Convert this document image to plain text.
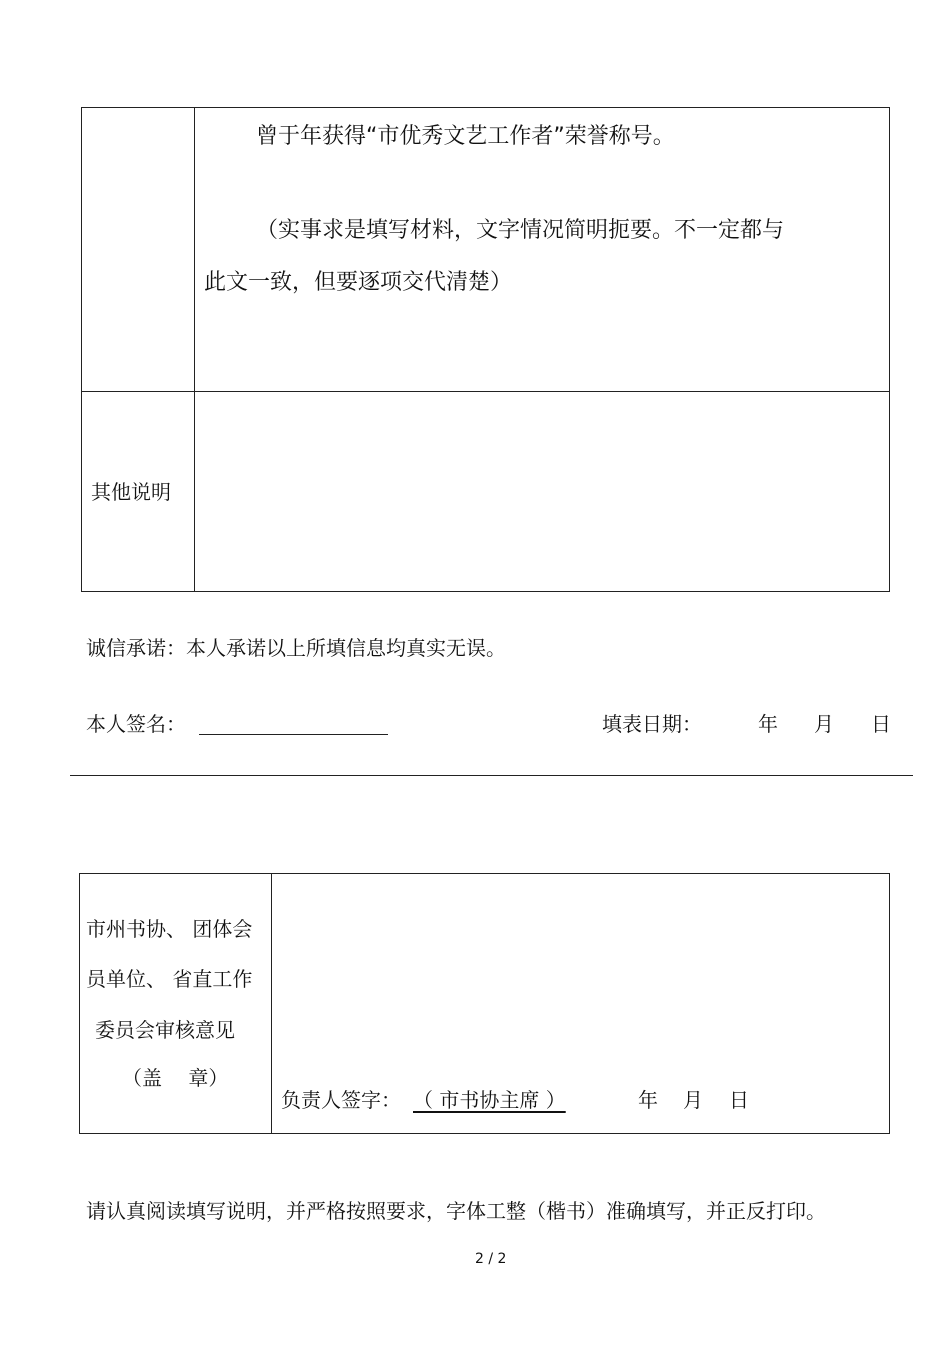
曾于年获得“市优秀文艺工作者”荣誉称号。
（实事求是填写材料，文字情况简明扼要。不一定都与
此文一致，但要逐项交代清楚）
其他说明
诚信承诺：本人承诺以上所填信息均真实无误。
本人签名：	填表日期：	年 月 日
市州书协、 团体会
员单位、 省直工作
委员会审核意见
（盖　 章）
负责人签字： （ 市书协主席 ）	年 月 日
请认真阅读填写说明，并严格按照要求，字体工整（楷书）准确填写，并正反打印。
2 / 2
